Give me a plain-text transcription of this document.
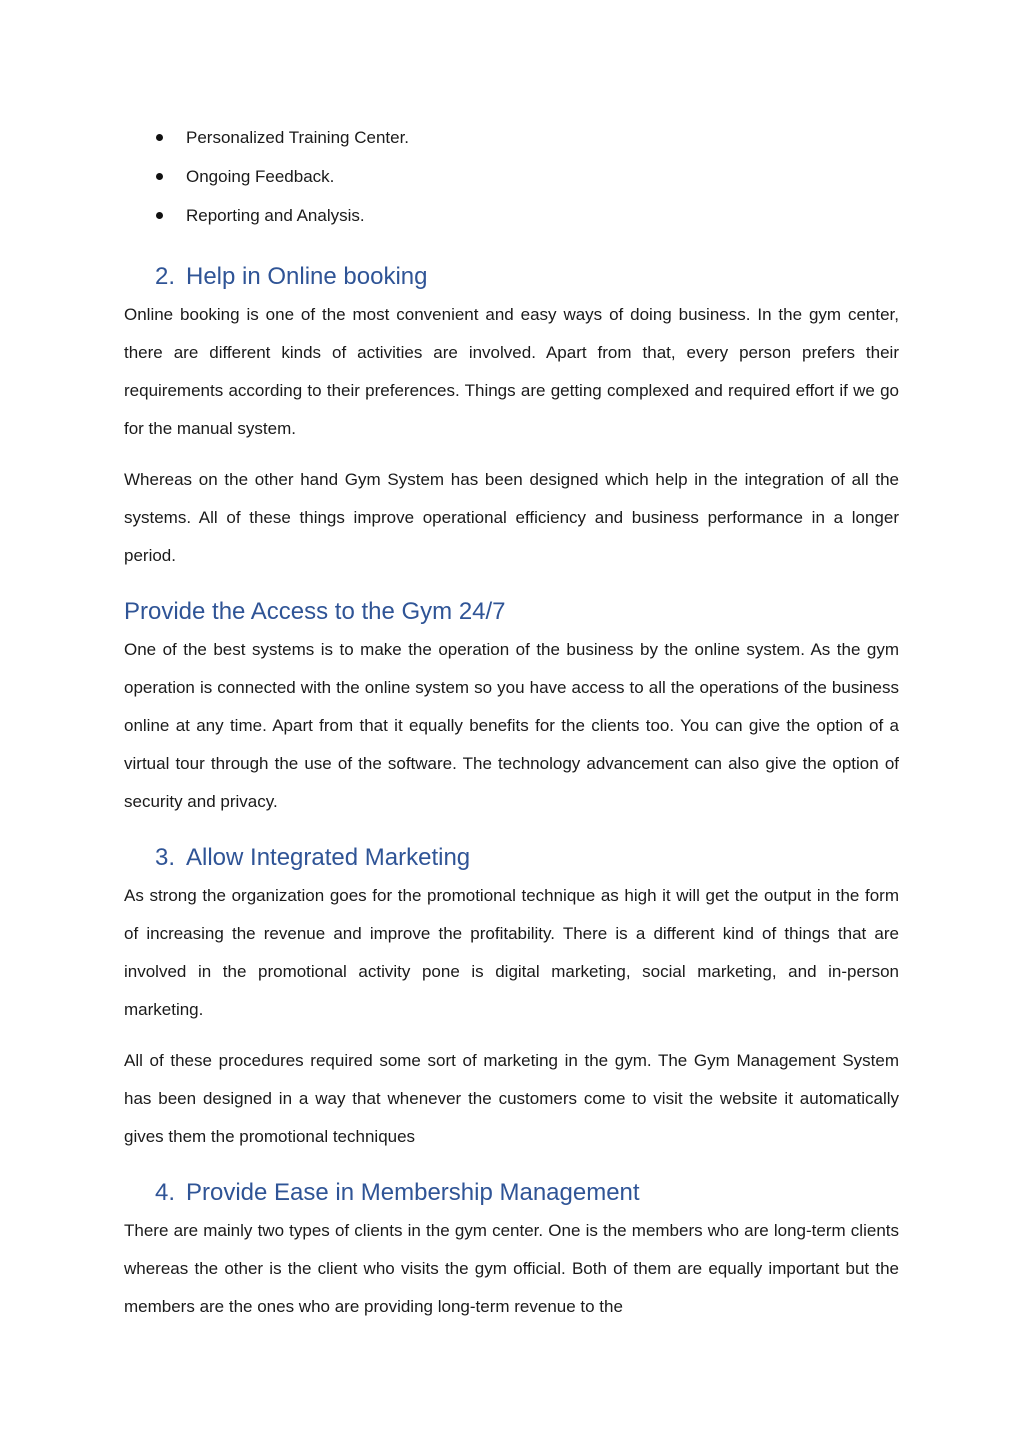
Personalized Training Center.
Ongoing Feedback.
Reporting and Analysis.
2. Help in Online booking

Online booking is one of the most convenient and easy ways of doing business. In the gym center, there are different kinds of activities are involved. Apart from that, every person prefers their requirements according to their preferences. Things are getting complexed and required effort if we go for the manual system.

Whereas on the other hand Gym System has been designed which help in the integration of all the systems. All of these things improve operational efficiency and business performance in a longer period.

Provide the Access to the Gym 24/7

One of the best systems is to make the operation of the business by the online system. As the gym operation is connected with the online system so you have access to all the operations of the business online at any time. Apart from that it equally benefits for the clients too. You can give the option of a virtual tour through the use of the software. The technology advancement can also give the option of security and privacy.

3. Allow Integrated Marketing

As strong the organization goes for the promotional technique as high it will get the output in the form of increasing the revenue and improve the profitability. There is a different kind of things that are involved in the promotional activity pone is digital marketing, social marketing, and in-person marketing.

All of these procedures required some sort of marketing in the gym. The Gym Management System has been designed in a way that whenever the customers come to visit the website it automatically gives them the promotional techniques

4. Provide Ease in Membership Management

There are mainly two types of clients in the gym center. One is the members who are long-term clients whereas the other is the client who visits the gym official. Both of them are equally important but the members are the ones who are providing long-term revenue to the
